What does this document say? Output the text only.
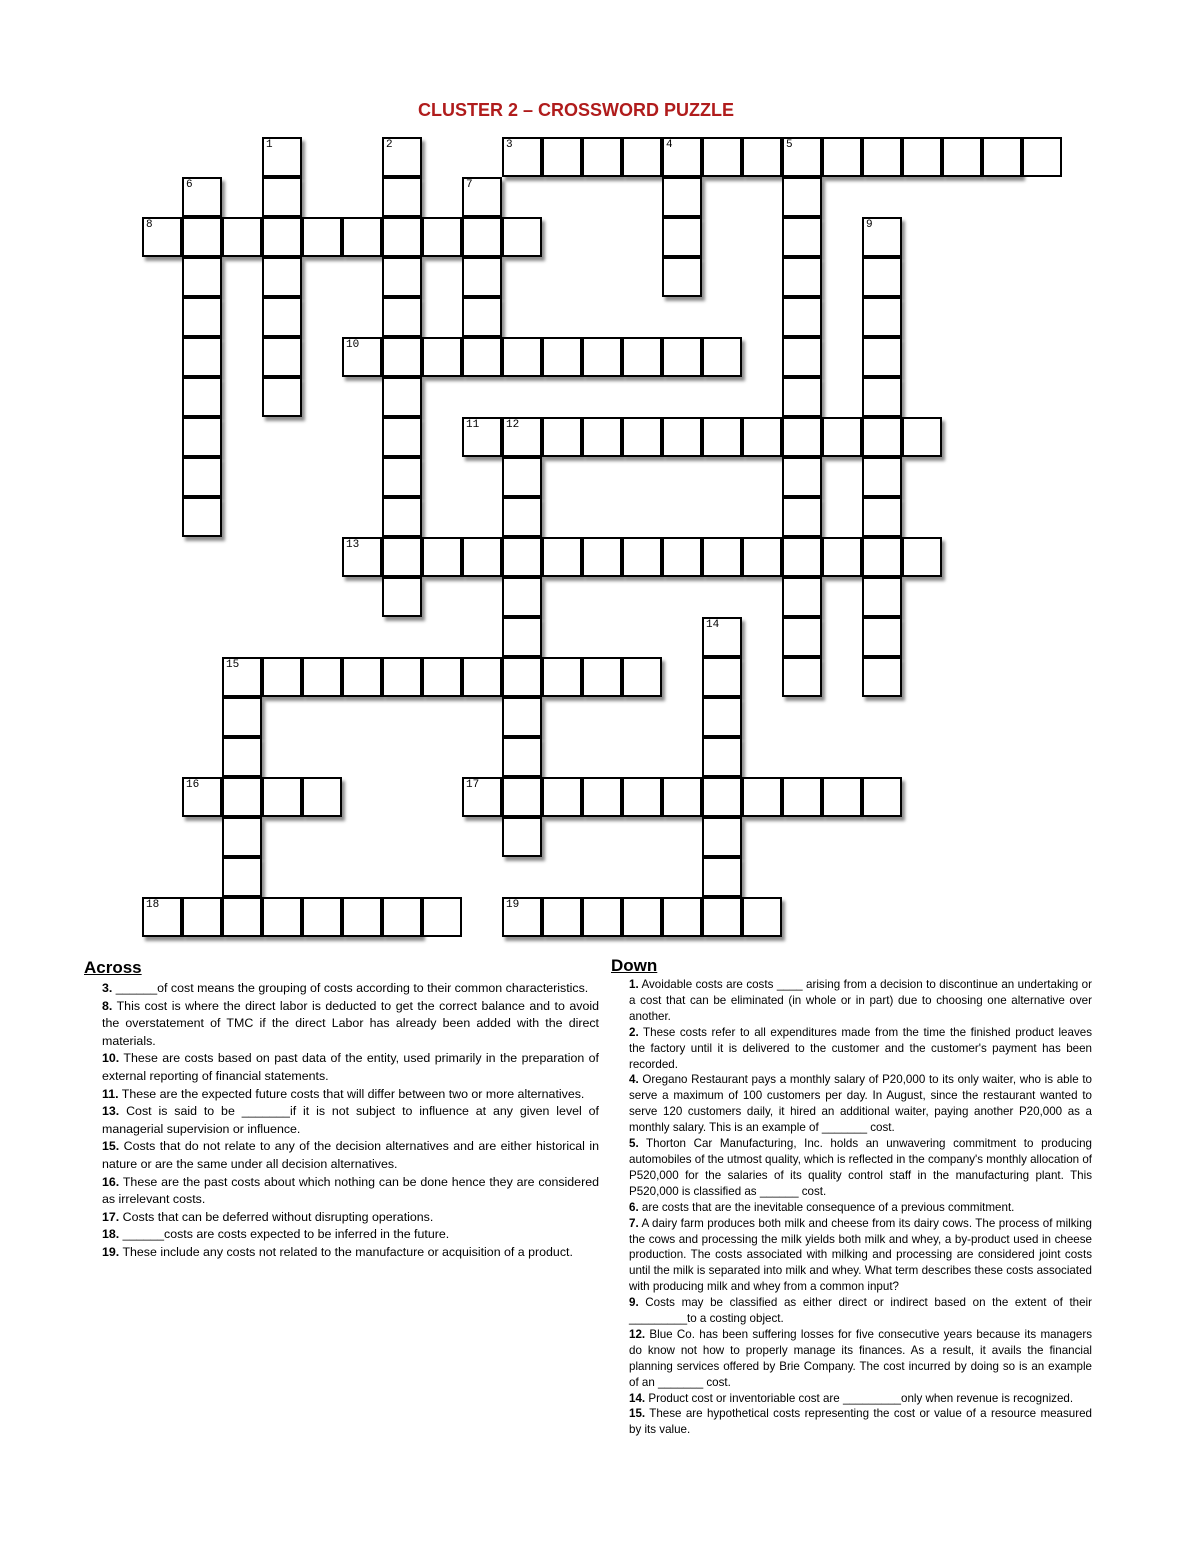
CLUSTER 2 – CROSSWORD PUZZLE
1	2	3	4	5
6	7
8	9
10
11 12
13
14
15
16	17
18	19
Across

3. ______of cost means the grouping of costs according to their common characteristics.

8. This cost is where the direct labor is deducted to get the correct balance and to avoid the overstatement of TMC if the direct Labor has already been added with the direct materials.

10. These are costs based on past data of the entity, used primarily in the preparation of external reporting of financial statements.

11. These are the expected future costs that will differ between two or more alternatives.

13. Cost is said to be _______if it is not subject to influence at any given level of managerial supervision or influence.

15. Costs that do not relate to any of the decision alternatives and are either historical in nature or are the same under all decision alternatives.

16. These are the past costs about which nothing can be done hence they are considered as irrelevant costs.

17. Costs that can be deferred without disrupting operations.

18. ______costs are costs expected to be inferred in the future.

19. These include any costs not related to the manufacture or acquisition of a product.

Down

1. Avoidable costs are costs ____ arising from a decision to discontinue an undertaking or a cost that can be eliminated (in whole or in part) due to choosing one alternative over another.

2. These costs refer to all expenditures made from the time the finished product leaves the factory until it is delivered to the customer and the customer's payment has been recorded.

4. Oregano Restaurant pays a monthly salary of P20,000 to its only waiter, who is able to serve a maximum of 100 customers per day. In August, since the restaurant wanted to serve 120 customers daily, it hired an additional waiter, paying another P20,000 as a monthly salary. This is an example of _______ cost.

5. Thorton Car Manufacturing, Inc. holds an unwavering commitment to producing automobiles of the utmost quality, which is reflected in the company's monthly allocation of P520,000 for the salaries of its quality control staff in the manufacturing plant. This P520,000 is classified as ______ cost.

6. are costs that are the inevitable consequence of a previous commitment.

7. A dairy farm produces both milk and cheese from its dairy cows. The process of milking the cows and processing the milk yields both milk and whey, a by-product used in cheese production. The costs associated with milking and processing are considered joint costs until the milk is separated into milk and whey. What term describes these costs associated with producing milk and whey from a common input?

9. Costs may be classified as either direct or indirect based on the extent of their _________to a costing object.

12. Blue Co. has been suffering losses for five consecutive years because its managers do know not how to properly manage its finances. As a result, it avails the financial planning services offered by Brie Company. The cost incurred by doing so is an example of an _______ cost.

14. Product cost or inventoriable cost are _________only when revenue is recognized.

15. These are hypothetical costs representing the cost or value of a resource measured by its value.
